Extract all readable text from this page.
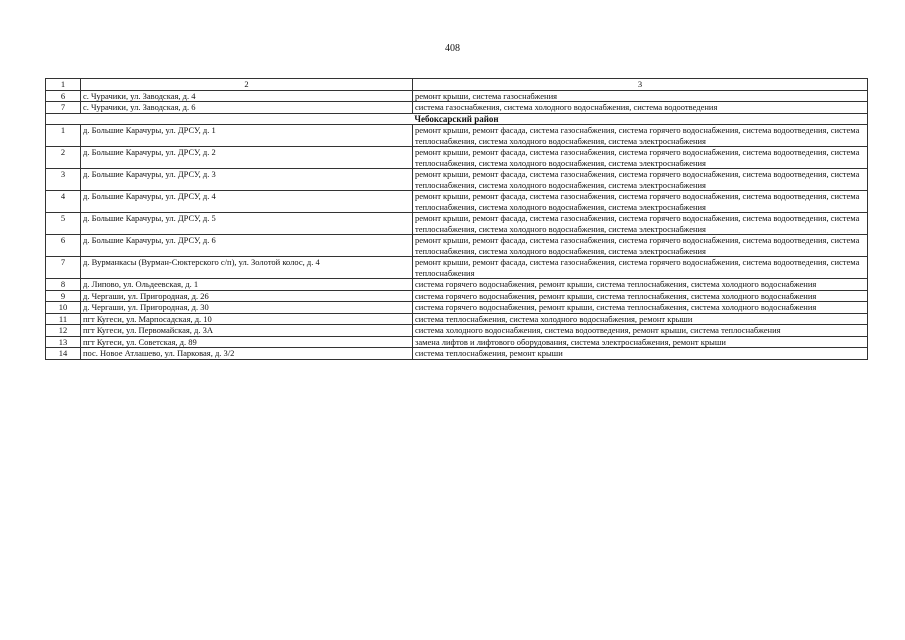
408
1	2	3
6	с. Чурачики, ул. Заводская, д. 4	ремонт крыши, система газоснабжения
7	с. Чурачики, ул. Заводская, д. 6	система газоснабжения, система холодного водоснабжения, система водоотведения
Чебоксарский район		
1	д. Большие Карачуры, ул. ДРСУ, д. 1	ремонт крыши, ремонт фасада, система газоснабжения, система горячего водоснабжения, система водоотведения, система теплоснабжения, система холодного водоснабжения, система электроснабжения
2	д. Большие Карачуры, ул. ДРСУ, д. 2	ремонт крыши, ремонт фасада, система газоснабжения, система горячего водоснабжения, система водоотведения, система теплоснабжения, система холодного водоснабжения, система электроснабжения
3	д. Большие Карачуры, ул. ДРСУ, д. 3	ремонт крыши, ремонт фасада, система газоснабжения, система горячего водоснабжения, система водоотведения, система теплоснабжения, система холодного водоснабжения, система электроснабжения
4	д. Большие Карачуры, ул. ДРСУ, д. 4	ремонт крыши, ремонт фасада, система газоснабжения, система горячего водоснабжения, система водоотведения, система теплоснабжения, система холодного водоснабжения, система электроснабжения
5	д. Большие Карачуры, ул. ДРСУ, д. 5	ремонт крыши, ремонт фасада, система газоснабжения, система горячего водоснабжения, система водоотведения, система теплоснабжения, система холодного водоснабжения, система электроснабжения
6	д. Большие Карачуры, ул. ДРСУ, д. 6	ремонт крыши, ремонт фасада, система газоснабжения, система горячего водоснабжения, система водоотведения, система теплоснабжения, система холодного водоснабжения, система электроснабжения
7	д. Вурманкасы (Вурман-Сюктерского с/п), ул. Золотой колос, д. 4	ремонт крыши, ремонт фасада, система газоснабжения, система горячего водоснабжения, система водоотведения, система теплоснабжения
8	д. Липово, ул. Ольдеевская, д. 1	система горячего водоснабжения, ремонт крыши, система теплоснабжения, система холодного водоснабжения
9	д. Чергаши, ул. Пригородная, д. 26	система горячего водоснабжения, ремонт крыши, система теплоснабжения, система холодного водоснабжения
10	д. Чергаши, ул. Пригородная, д. 30	система горячего водоснабжения, ремонт крыши, система теплоснабжения, система холодного водоснабжения
11	пгт Кугеси, ул. Марпосадская, д. 10	система теплоснабжения, система холодного водоснабжения, ремонт крыши
12	пгт Кугеси, ул. Первомайская, д. 3А	система холодного водоснабжения, система водоотведения, ремонт крыши, система теплоснабжения
13	пгт Кугеси, ул. Советская, д. 89	замена лифтов и лифтового оборудования, система электроснабжения, ремонт крыши
14	пос. Новое Атлашево, ул. Парковая, д. 3/2	система теплоснабжения, ремонт крыши
